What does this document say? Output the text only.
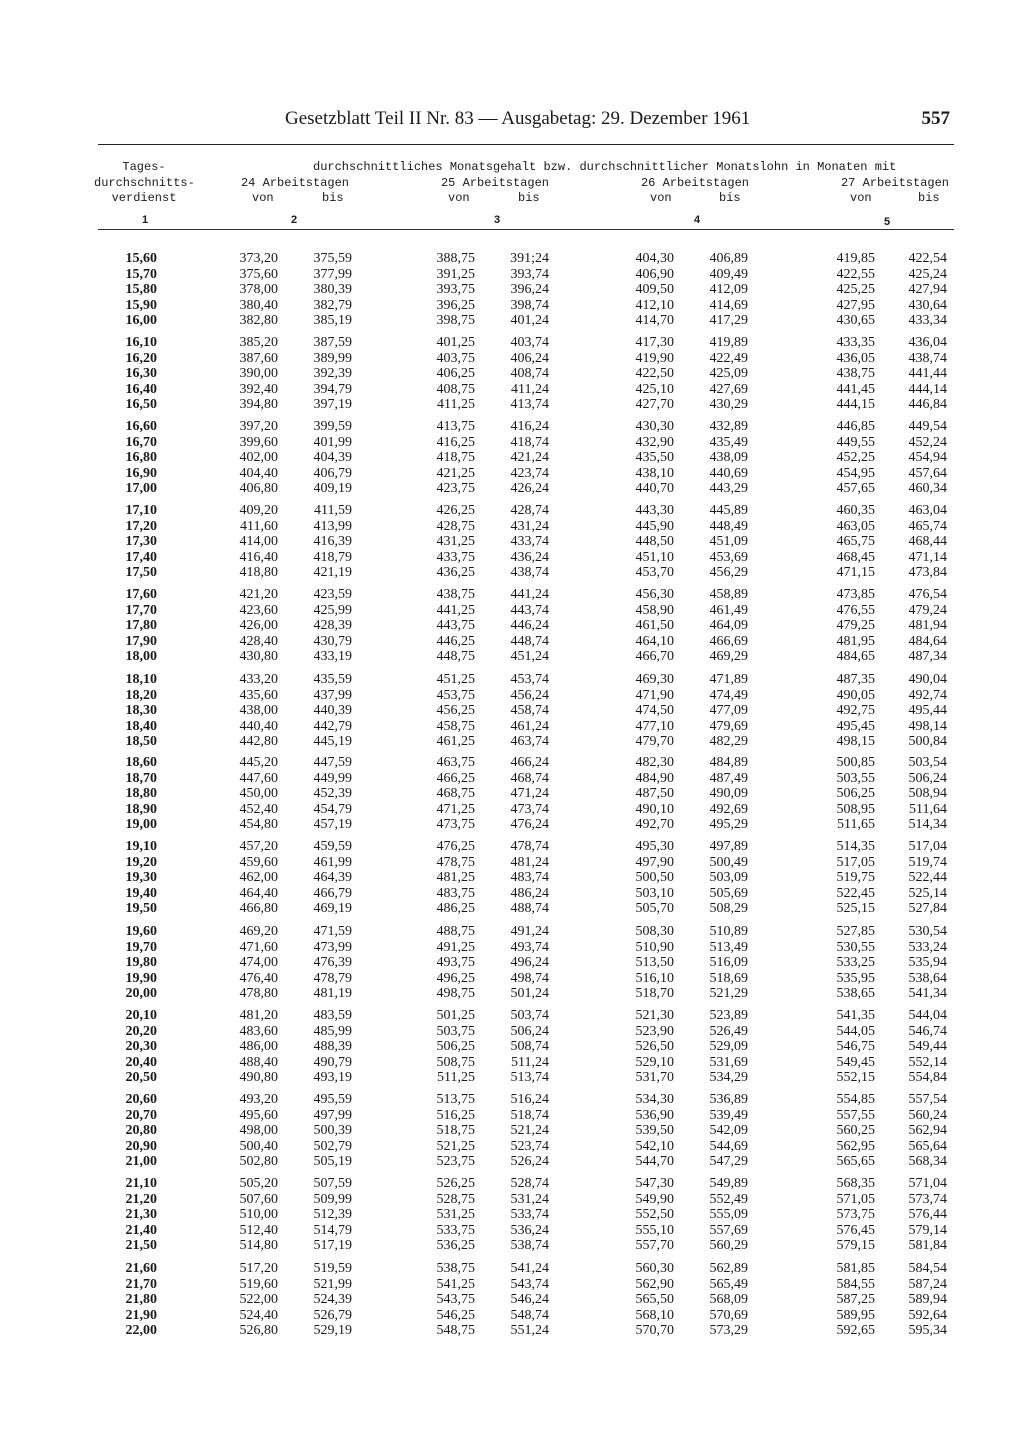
Gesetzblatt Teil II Nr. 83 — Ausgabetag: 29. Dezember 1961	557
Tages-
durchschnitts-
verdienst
durchschnittliches Monatsgehalt bzw. durchschnittlicher Monatslohn in Monaten mit
24 Arbeitstagen	25 Arbeitstagen	26 Arbeitstagen	27 Arbeitstagen
von	bis	von	bis	von	bis	von	bis
1	2	3	4	5
15,60	373,20	375,59	388,75	391;24	404,30	406,89	419,85 422,54
15,70	375,60	377,99	391,25	393,74	406,90	409,49	422,55 425,24
15,80	378,00	380,39	393,75	396,24	409,50	412,09	425,25 427,94
15,90	380,40	382,79	396,25	398,74	412,10	414,69	427,95 430,64
16,00	382,80	385,19	398,75	401,24	414,70	417,29	430,65 433,34
16,10	385,20	387,59	401,25	403,74	417,30	419,89	433,35 436,04
16,20	387,60	389,99	403,75	406,24	419,90	422,49	436,05 438,74
16,30	390,00	392,39	406,25	408,74	422,50	425,09	438,75 441,44
16,40	392,40	394,79	408,75	411,24	425,10	427,69	441,45 444,14
16,50	394,80	397,19	411,25	413,74	427,70	430,29	444,15 446,84
16,60	397,20	399,59	413,75	416,24	430,30	432,89	446,85 449,54
16,70	399,60	401,99	416,25	418,74	432,90	435,49	449,55 452,24
16,80	402,00	404,39	418,75	421,24	435,50	438,09	452,25 454,94
16,90	404,40	406,79	421,25	423,74	438,10	440,69	454,95 457,64
17,00	406,80	409,19	423,75	426,24	440,70	443,29	457,65 460,34
17,10	409,20	411,59	426,25	428,74	443,30	445,89	460,35 463,04
17,20	411,60	413,99	428,75	431,24	445,90	448,49	463,05 465,74
17,30	414,00	416,39	431,25	433,74	448,50	451,09	465,75 468,44
17,40	416,40	418,79	433,75	436,24	451,10	453,69	468,45 471,14
17,50	418,80	421,19	436,25	438,74	453,70	456,29	471,15 473,84
17,60	421,20	423,59	438,75	441,24	456,30	458,89	473,85 476,54
17,70	423,60	425,99	441,25	443,74	458,90	461,49	476,55 479,24
17,80	426,00	428,39	443,75	446,24	461,50	464,09	479,25 481,94
17,90	428,40	430,79	446,25	448,74	464,10	466,69	481,95 484,64
18,00	430,80	433,19	448,75	451,24	466,70	469,29	484,65 487,34
18,10	433,20	435,59	451,25	453,74	469,30	471,89	487,35 490,04
18,20	435,60	437,99	453,75	456,24	471,90	474,49	490,05 492,74
18,30	438,00	440,39	456,25	458,74	474,50	477,09	492,75 495,44
18,40	440,40	442,79	458,75	461,24	477,10	479,69	495,45 498,14
18,50	442,80	445,19	461,25	463,74	479,70	482,29	498,15 500,84
18,60	445,20	447,59	463,75	466,24	482,30	484,89	500,85 503,54
18,70	447,60	449,99	466,25	468,74	484,90	487,49	503,55 506,24
18,80	450,00	452,39	468,75	471,24	487,50	490,09	506,25 508,94
18,90	452,40	454,79	471,25	473,74	490,10	492,69	508,95 511,64
19,00	454,80	457,19	473,75	476,24	492,70	495,29	511,65 514,34
19,10	457,20	459,59	476,25	478,74	495,30	497,89	514,35 517,04
19,20	459,60	461,99	478,75	481,24	497,90	500,49	517,05 519,74
19,30	462,00	464,39	481,25	483,74	500,50	503,09	519,75 522,44
19,40	464,40	466,79	483,75	486,24	503,10	505,69	522,45 525,14
19,50	466,80	469,19	486,25	488,74	505,70	508,29	525,15 527,84
19,60	469,20	471,59	488,75	491,24	508,30	510,89	527,85 530,54
19,70	471,60	473,99	491,25	493,74	510,90	513,49	530,55 533,24
19,80	474,00	476,39	493,75	496,24	513,50	516,09	533,25 535,94
19,90	476,40	478,79	496,25	498,74	516,10	518,69	535,95 538,64
20,00	478,80	481,19	498,75	501,24	518,70	521,29	538,65 541,34
20,10	481,20	483,59	501,25	503,74	521,30	523,89	541,35 544,04
20,20	483,60	485,99	503,75	506,24	523,90	526,49	544,05 546,74
20,30	486,00	488,39	506,25	508,74	526,50	529,09	546,75 549,44
20,40	488,40	490,79	508,75	511,24	529,10	531,69	549,45 552,14
20,50	490,80	493,19	511,25	513,74	531,70	534,29	552,15 554,84
20,60	493,20	495,59	513,75	516,24	534,30	536,89	554,85 557,54
20,70	495,60	497,99	516,25	518,74	536,90	539,49	557,55 560,24
20,80	498,00	500,39	518,75	521,24	539,50	542,09	560,25 562,94
20,90	500,40	502,79	521,25	523,74	542,10	544,69	562,95 565,64
21,00	502,80	505,19	523,75	526,24	544,70	547,29	565,65 568,34
21,10	505,20	507,59	526,25	528,74	547,30	549,89	568,35 571,04
21,20	507,60	509,99	528,75	531,24	549,90	552,49	571,05 573,74
21,30	510,00	512,39	531,25	533,74	552,50	555,09	573,75 576,44
21,40	512,40	514,79	533,75	536,24	555,10	557,69	576,45 579,14
21,50	514,80	517,19	536,25	538,74	557,70	560,29	579,15 581,84
21,60	517,20	519,59	538,75	541,24	560,30	562,89	581,85 584,54
21,70	519,60	521,99	541,25	543,74	562,90	565,49	584,55 587,24
21,80	522,00	524,39	543,75	546,24	565,50	568,09	587,25 589,94
21,90	524,40	526,79	546,25	548,74	568,10	570,69	589,95 592,64
22,00	526,80	529,19	548,75	551,24	570,70	573,29	592,65 595,34
